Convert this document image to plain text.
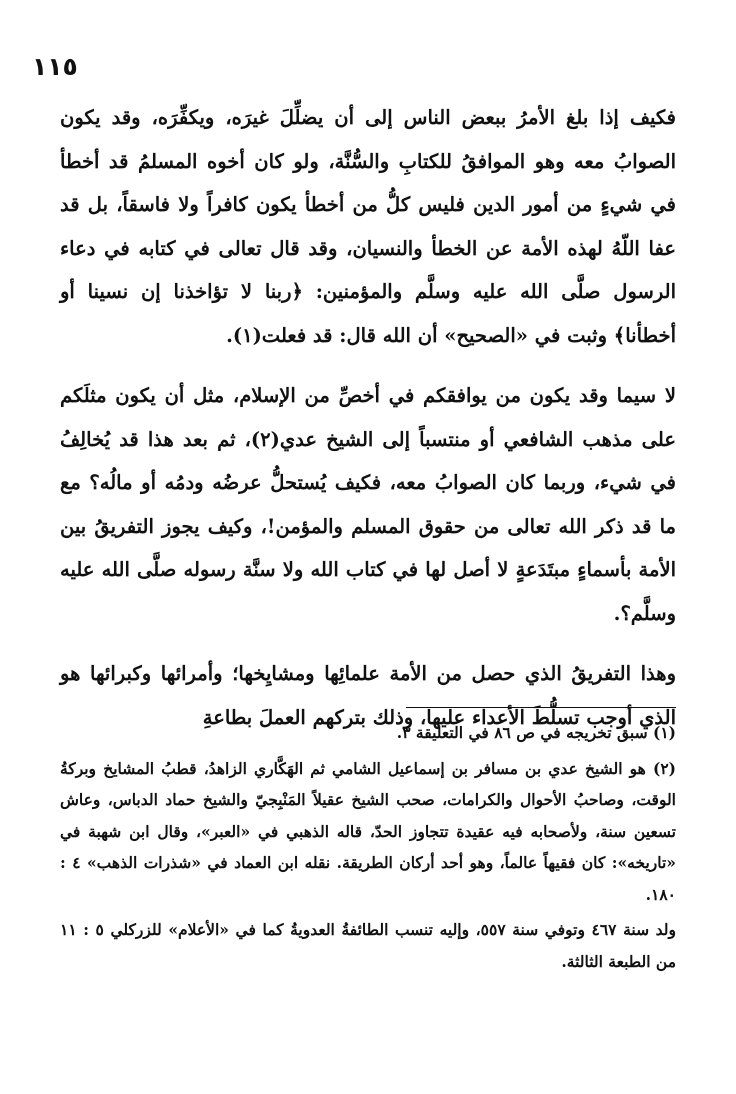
١١٥

فكيف إذا بلغ الأمرُ ببعض الناس إلى أن يضلِّلَ غيرَه، ويكفِّرَه، وقد يكون الصوابُ معه وهو الموافقُ للكتابِ والسُّنَّة، ولو كان أخوه المسلمُ قد أخطأ في شيءٍ من أمور الدين فليس كلُّ من أخطأ يكون كافراً ولا فاسقاً، بل قد عفا اللّهُ لهذه الأمة عن الخطأ والنسيان، وقد قال تعالى في كتابه في دعاء الرسول صلَّى الله عليه وسلَّم والمؤمنين: ﴿ربنا لا تؤاخذنا إن نسينا أو أخطأنا﴾ وثبت في «الصحيح» أن الله قال: قد فعلت(١).

لا سيما وقد يكون من يوافقكم في أخصِّ من الإسلام، مثل أن يكون مثلَكم على مذهب الشافعي أو منتسباً إلى الشيخ عدي(٢)، ثم بعد هذا قد يُخالِفُ في شيء، وربما كان الصوابُ معه، فكيف يُستحلُّ عرضُه ودمُه أو مالُه؟ مع ما قد ذكر الله تعالى من حقوق المسلم والمؤمن!، وكيف يجوز التفريقُ بين الأمة بأسماءٍ مبتَدَعةٍ لا أصل لها في كتاب الله ولا سنَّة رسوله صلَّى الله عليه وسلَّم؟.

وهذا التفريقُ الذي حصل من الأمة علمائِها ومشايِخها؛ وأمرائها وكبرائها هو الذي أوجب تسلُّطَ الأعداء عليها، وذلك بتركهم العملَ بطاعةِ

(١) سبق تخريجه في ص ٨٦ في التعليقة ٣.

(٢) هو الشيخ عدي بن مسافر بن إسماعيل الشامي ثم الهَكَّاري الزاهدُ، قطبُ المشايخ وبركةُ الوقت، وصاحبُ الأحوال والكرامات، صحب الشيخ عقيلاً المَنْبِجيّ والشيخ حماد الدباس، وعاش تسعين سنة، ولأصحابه فيه عقيدة تتجاوز الحدّ، قاله الذهبي في «العبر»، وقال ابن شهبة في «تاريخه»: كان فقيهاً عالماً، وهو أحد أركان الطريقة. نقله ابن العماد في «شذرات الذهب» ٤ : ١٨٠.

ولد سنة ٤٦٧ وتوفي سنة ٥٥٧، وإليه تنسب الطائفةُ العدويةُ كما في «الأعلام» للزركلي ٥ : ١١ من الطبعة الثالثة.
